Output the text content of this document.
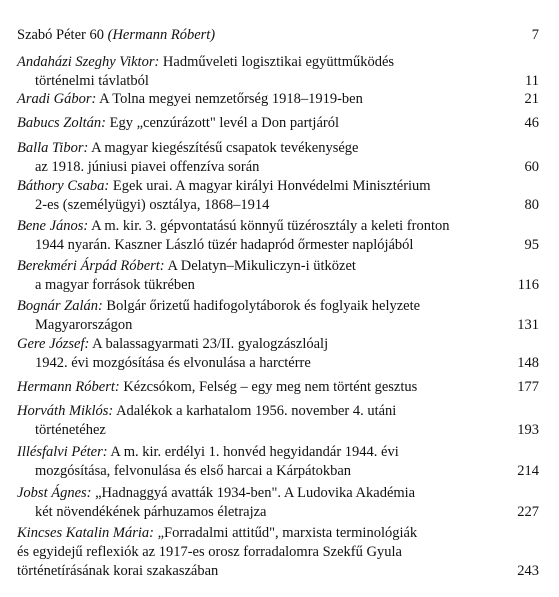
Szabó Péter 60 (Hermann Róbert)	7
Andaházi Szeghy Viktor: Hadműveleti logisztikai együttműködés
történelmi távlatból	11
Aradi Gábor: A Tolna megyei nemzetőrség 1918–1919-ben	21
Babucs Zoltán: Egy „cenzúrázott" levél a Don partjáról	46
Balla Tibor: A magyar kiegészítésű csapatok tevékenysége
az 1918. júniusi piavei offenzíva során	60
Báthory Csaba: Egek urai. A magyar királyi Honvédelmi Minisztérium
2-es (személyügyi) osztálya, 1868–1914	80
Bene János: A m. kir. 3. gépvontatású könnyű tüzérosztály a keleti fronton
1944 nyarán. Kaszner László tüzér hadapród őrmester naplójából	95
Berekméri Árpád Róbert: A Delatyn–Mikuliczyn-i ütközet
a magyar források tükrében	116
Bognár Zalán: Bolgár őrizetű hadifogolytáborok és foglyaik helyzete
Magyarországon	131
Gere József: A balassagyarmati 23/II. gyalogzászlóalj
1942. évi mozgósítása és elvonulása a harctérre	148
Hermann Róbert: Kézcsókom, Felség – egy meg nem történt gesztus	177
Horváth Miklós: Adalékok a karhatalom 1956. november 4. utáni
történetéhez	193
Illésfalvi Péter: A m. kir. erdélyi 1. honvéd hegyidandár 1944. évi
mozgósítása, felvonulása és első harcai a Kárpátokban	214
Jobst Ágnes: „Hadnaggyá avatták 1934-ben". A Ludovika Akadémia
két növendékének párhuzamos életrajza	227
Kincses Katalin Mária: „Forradalmi attitűd", marxista terminológiák
és egyidejű reflexiók az 1917-es orosz forradalomra Szekfű Gyula
történetírásának korai szakaszában	243
